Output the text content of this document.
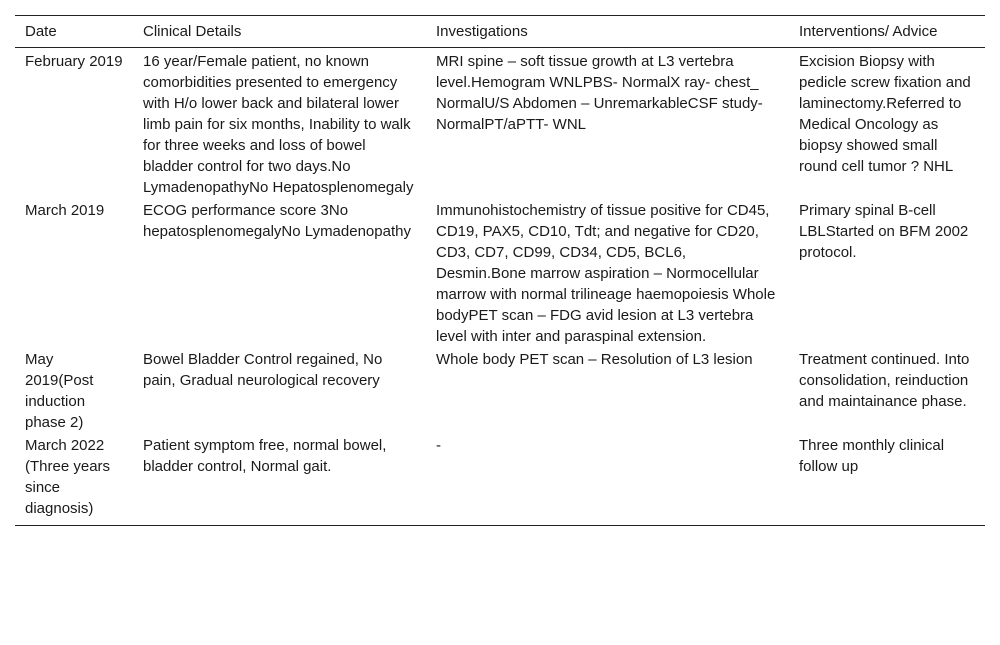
Date	Clinical Details	Investigations	Interventions/ Advice
February 2019	16 year/Female patient, no known comorbidities presented to emergency with H/o lower back and bilateral lower limb pain for six months, Inability to walk for three weeks and loss of bowel bladder control for two days.No LymadenopathyNo Hepatosplenomegaly	MRI spine – soft tissue growth at L3 vertebra level.Hemogram WNLPBS- NormalX ray- chest_ NormalU/S Abdomen – UnremarkableCSF study- NormalPT/aPTT- WNL	Excision Biopsy with pedicle screw fixation and laminectomy.Referred to Medical Oncology as biopsy showed small round cell tumor ? NHL
March 2019	ECOG performance score 3No hepatosplenomegalyNo Lymadenopathy	Immunohistochemistry of tissue positive for CD45, CD19, PAX5, CD10, Tdt; and negative for CD20, CD3, CD7, CD99, CD34, CD5, BCL6, Desmin.Bone marrow aspiration – Normocellular marrow with normal trilineage haemopoiesis Whole bodyPET scan – FDG avid lesion at L3 vertebra level with inter and paraspinal extension.	Primary spinal B-cell LBLStarted on BFM 2002 protocol.
May 2019(Post induction phase 2)	Bowel Bladder Control regained, No pain, Gradual neurological recovery	Whole body PET scan – Resolution of L3 lesion	Treatment continued. Into consolidation, reinduction and maintainance phase.
March 2022 (Three years since diagnosis)	Patient symptom free, normal bowel, bladder control, Normal gait.	-	Three monthly clinical follow up
